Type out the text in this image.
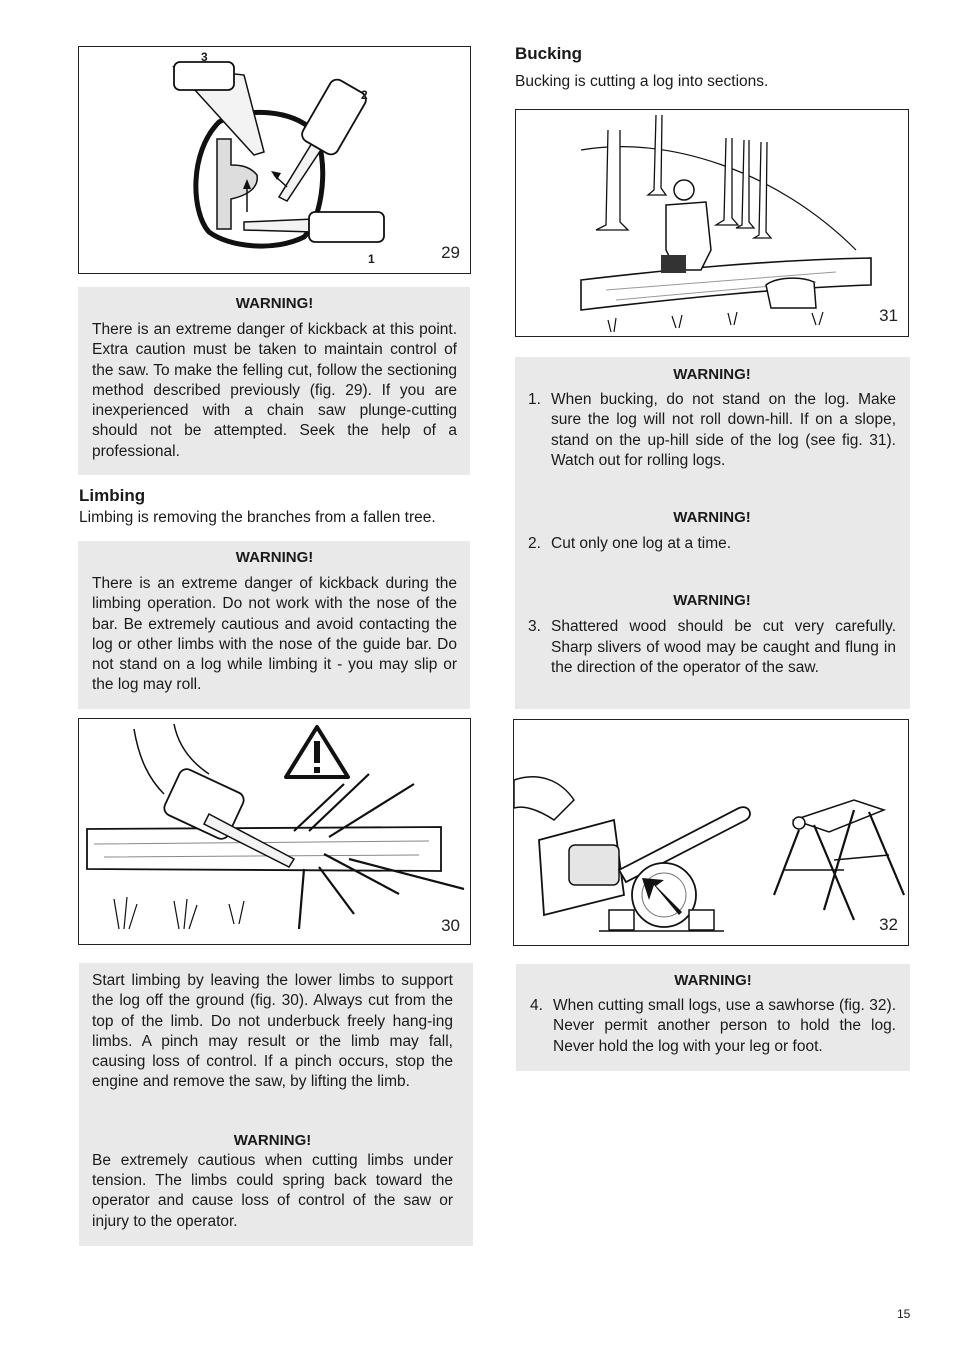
3
2
1	29
WARNING!
There is an extreme danger of kickback at this point. Extra caution must be taken to maintain control of the saw. To make the felling cut, follow the sectioning method described previously (fig. 29). If you are inexperienced with a chain saw plunge-cutting should not be attempted. Seek the help of a professional.
Limbing
Limbing is removing the branches from a fallen tree.
WARNING!
There is an extreme danger of kickback during the limbing operation. Do not work with the nose of the bar. Be extremely cautious and avoid contacting the log or other limbs with the nose of the guide bar. Do not stand on a log while limbing it - you may slip or the log may roll.
30
Start limbing by leaving the lower limbs to support the log off the ground (fig. 30). Always cut from the top of the limb. Do not underbuck freely hang-ing limbs. A pinch may result or the limb may fall, causing loss of control. If a pinch occurs, stop the engine and remove the saw, by lifting the limb.
WARNING!
Be extremely cautious when cutting limbs under tension. The limbs could spring back toward the operator and cause loss of control of the saw or injury to the operator.
Bucking
Bucking is cutting a log into sections.
31
WARNING!
1. When bucking, do not stand on the log. Make sure the log will not roll down-hill. If on a slope, stand on the up-hill side of the log (see fig. 31). Watch out for rolling logs.
WARNING!
2. Cut only one log at a time.
WARNING!
3. Shattered wood should be cut very carefully. Sharp slivers of wood may be caught and flung in the direction of the operator of the saw.
32
WARNING!
4. When cutting small logs, use a sawhorse (fig. 32). Never permit another person to hold the log. Never hold the log with your leg or foot.
15
